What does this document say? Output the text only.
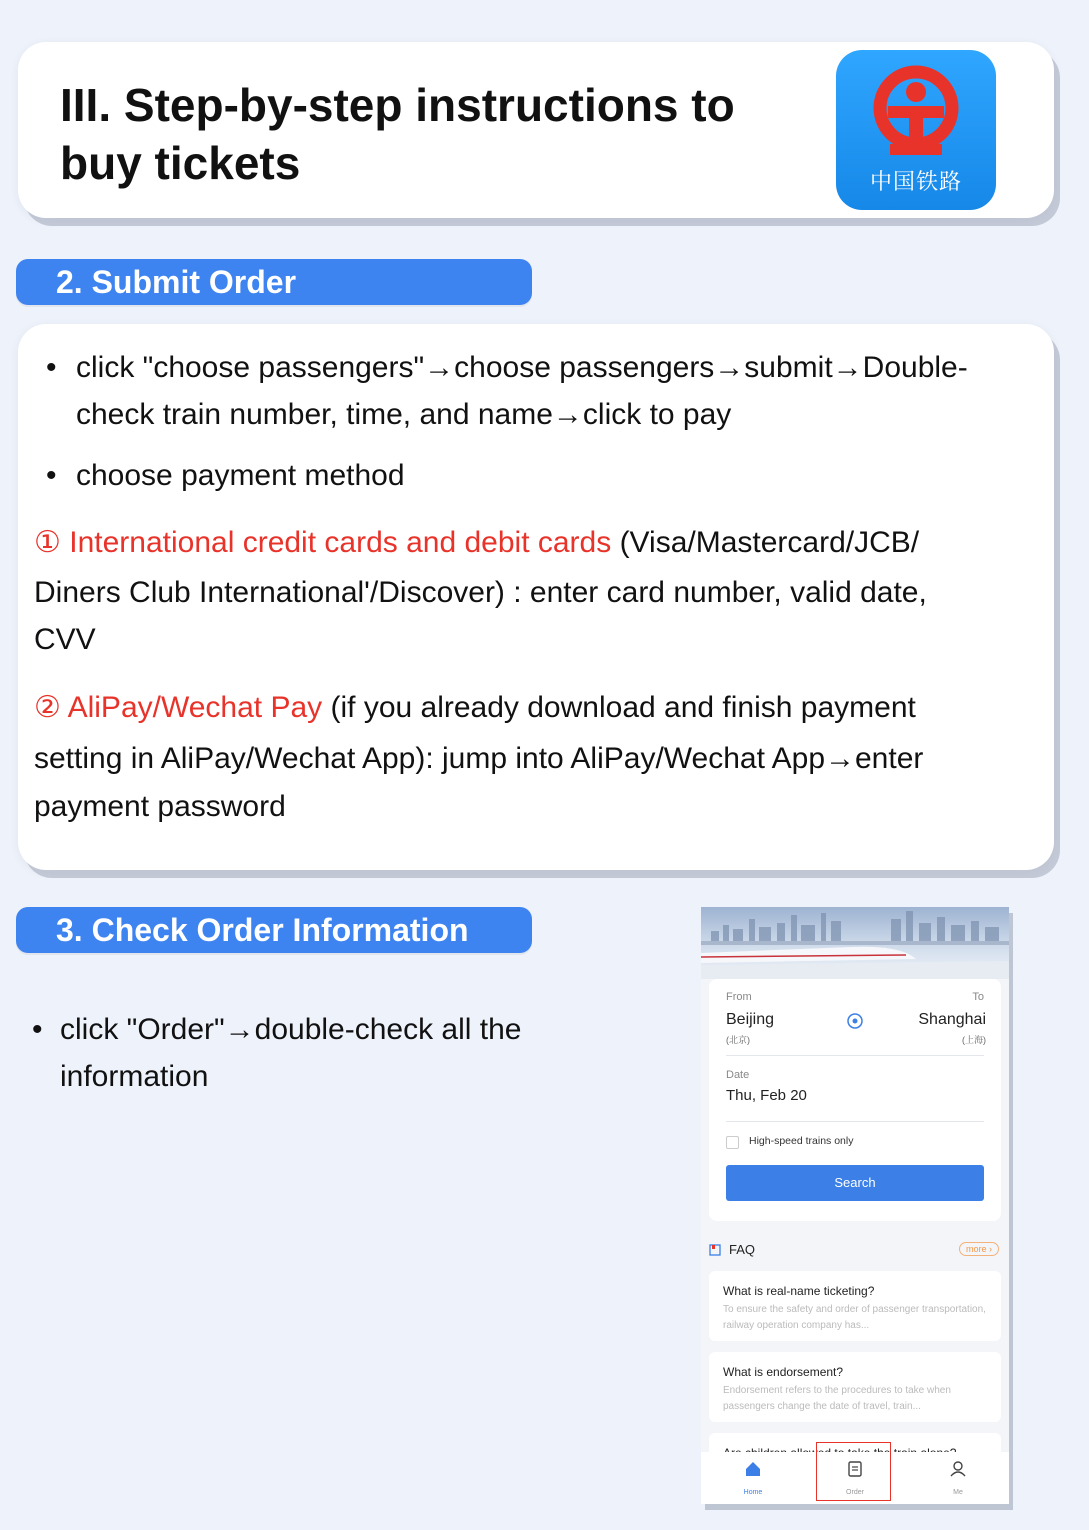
III. Step-by-step instructions to buy tickets	中国铁路
2. Submit Order
• click "choose passengers"→choose passengers→submit→Double-
check train number, time, and name→click to pay
• choose payment method
① International credit cards and debit cards (Visa/Mastercard/JCB/
Diners Club International'/Discover) : enter card number, valid date,
CVV
② AliPay/Wechat Pay (if you already download and finish payment
setting in AliPay/Wechat App): jump into AliPay/Wechat App→enter
payment password
3. Check Order Information
• click "Order"→double-check all the
information
From	To
Beijing
(北京)
Shanghai
(上海)
Date
Thu, Feb 20
High-speed trains only
Search
FAQ	more ›
What is real-name ticketing?
To ensure the safety and order of passenger transportation, railway operation company has...
What is endorsement?
Endorsement refers to the procedures to take when passengers change the date of travel, train...
Home	Order	Me
